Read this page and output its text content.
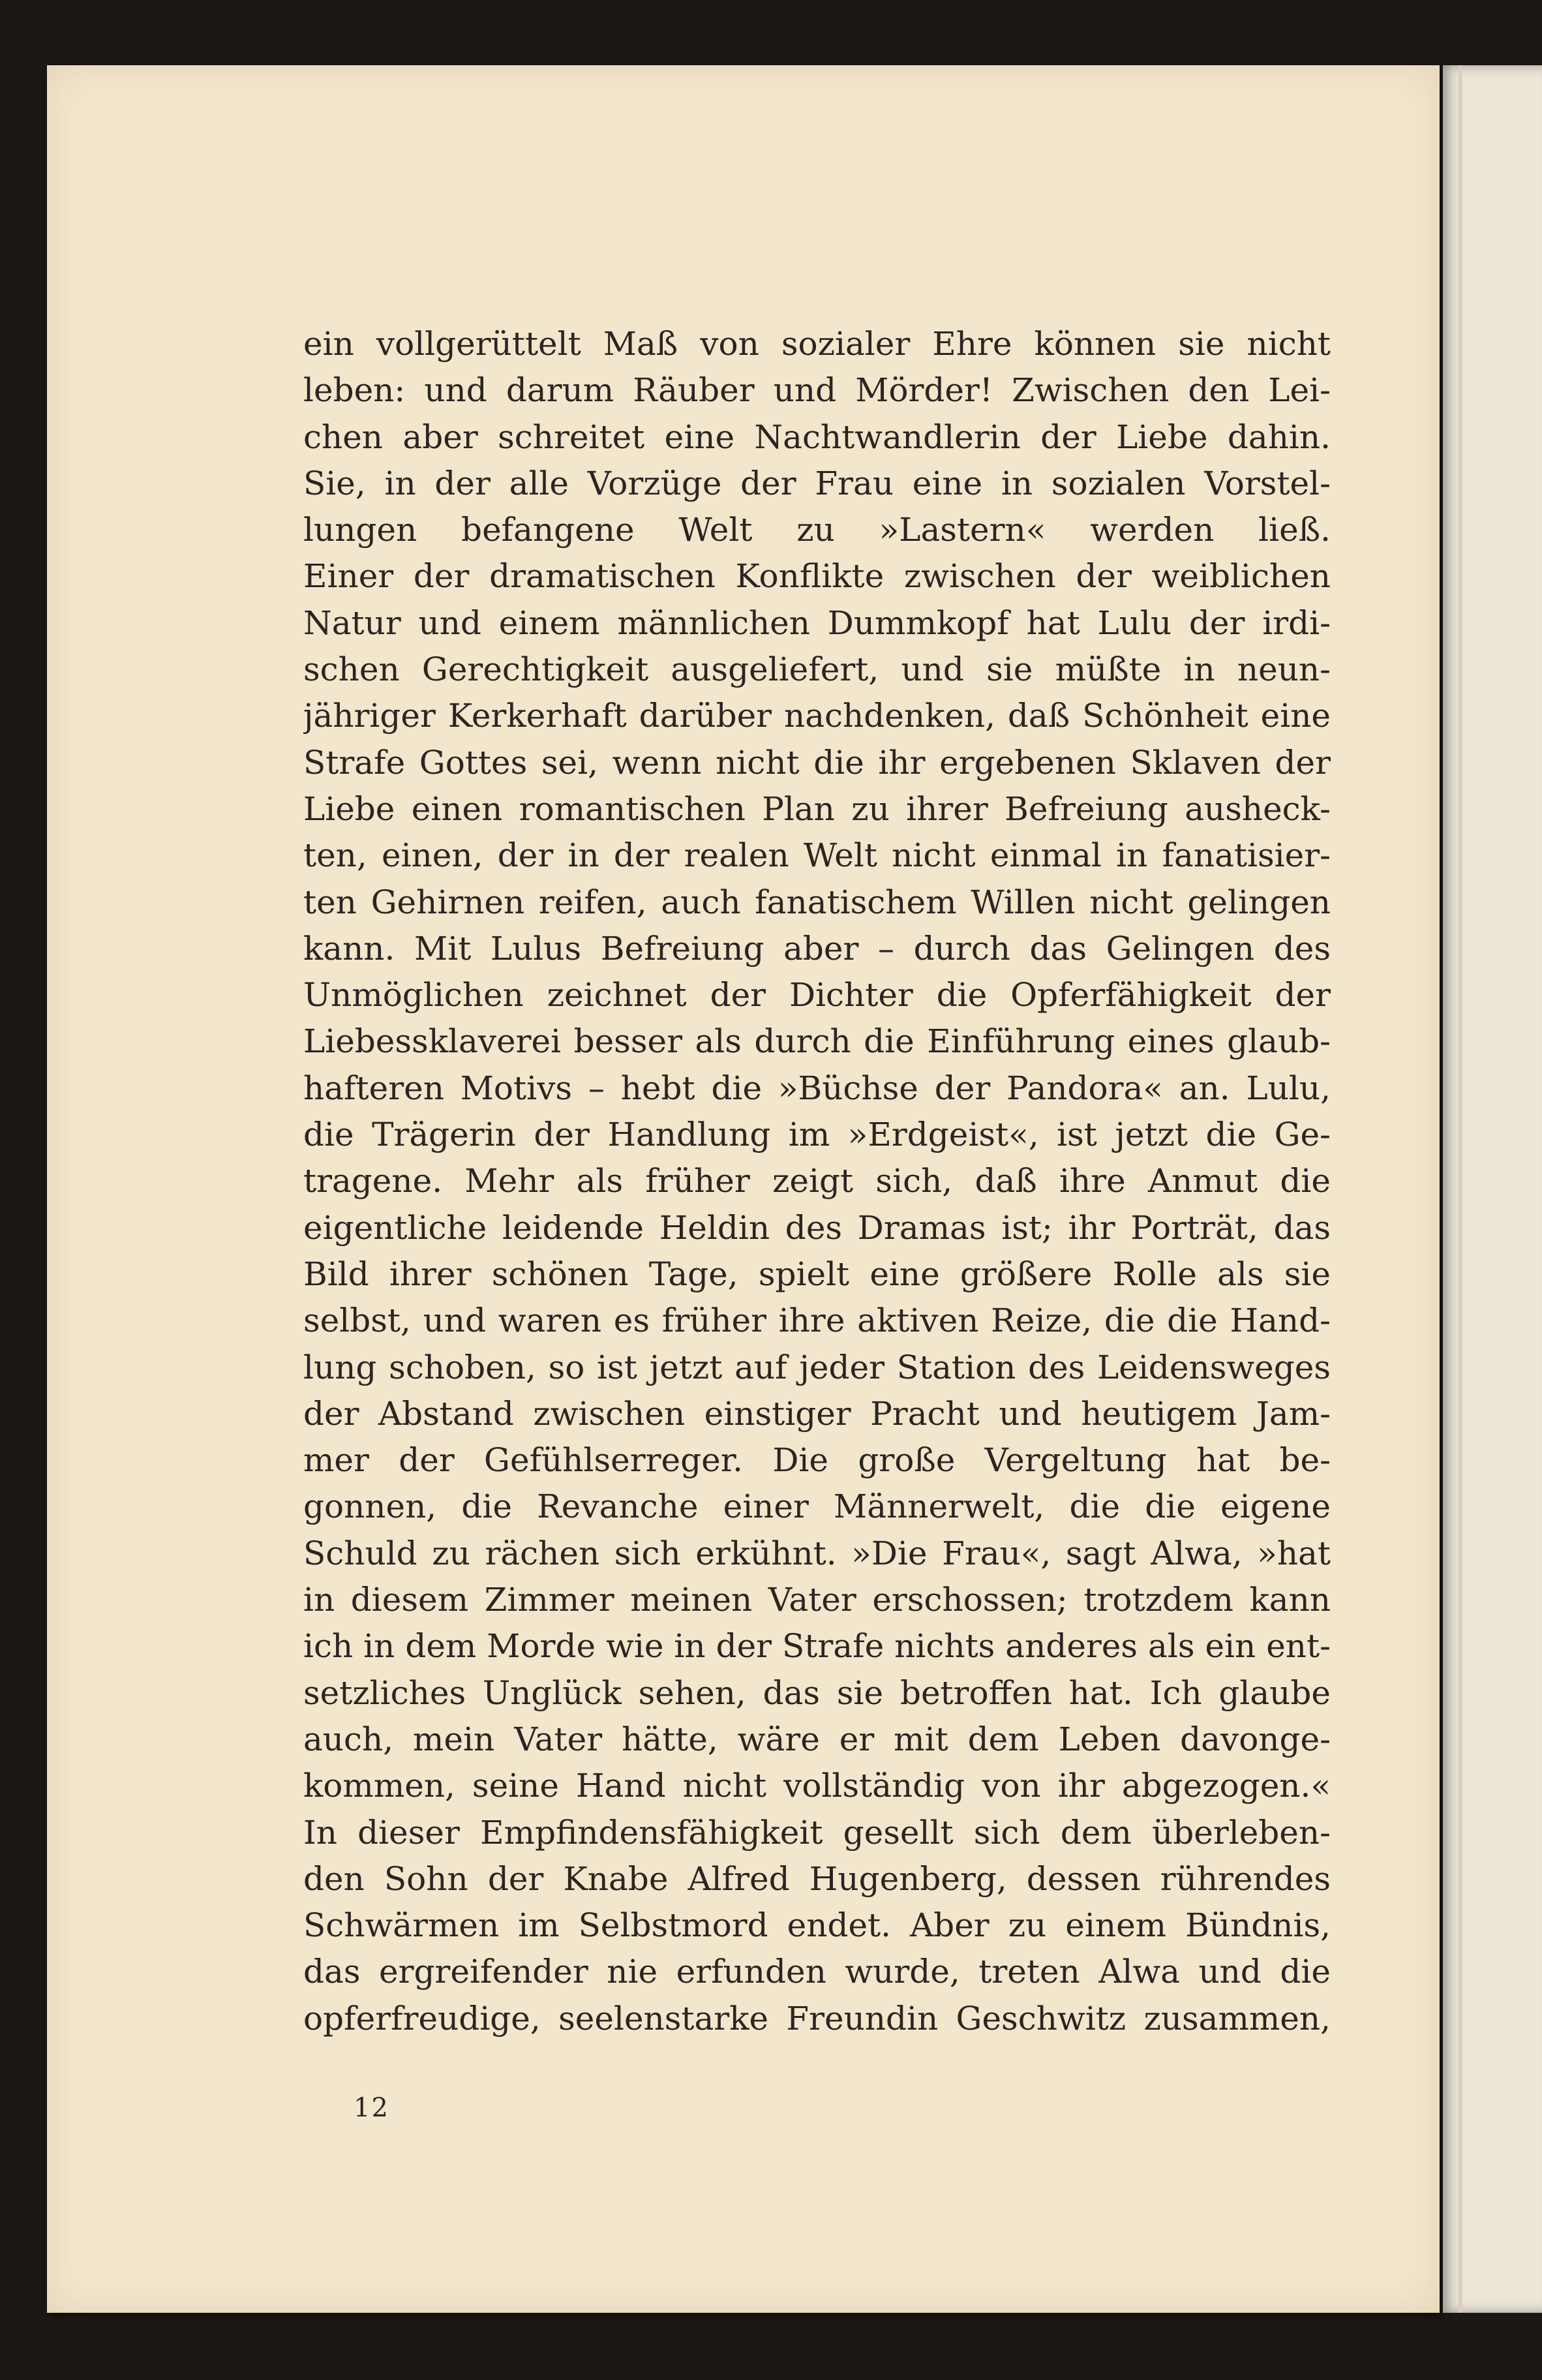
ein vollgerüttelt Maß von sozialer Ehre können sie nicht
leben: und darum Räuber und Mörder! Zwischen den Lei-
chen aber schreitet eine Nachtwandlerin der Liebe dahin.
Sie, in der alle Vorzüge der Frau eine in sozialen Vorstel-
lungen befangene Welt zu »Lastern« werden ließ.
Einer der dramatischen Konflikte zwischen der weiblichen
Natur und einem männlichen Dummkopf hat Lulu der irdi-
schen Gerechtigkeit ausgeliefert, und sie müßte in neun-
jähriger Kerkerhaft darüber nachdenken, daß Schönheit eine
Strafe Gottes sei, wenn nicht die ihr ergebenen Sklaven der
Liebe einen romantischen Plan zu ihrer Befreiung ausheck-
ten, einen, der in der realen Welt nicht einmal in fanatisier-
ten Gehirnen reifen, auch fanatischem Willen nicht gelingen
kann. Mit Lulus Befreiung aber – durch das Gelingen des
Unmöglichen zeichnet der Dichter die Opferfähigkeit der
Liebessklaverei besser als durch die Einführung eines glaub-
hafteren Motivs – hebt die »Büchse der Pandora« an. Lulu,
die Trägerin der Handlung im »Erdgeist«, ist jetzt die Ge-
tragene. Mehr als früher zeigt sich, daß ihre Anmut die
eigentliche leidende Heldin des Dramas ist; ihr Porträt, das
Bild ihrer schönen Tage, spielt eine größere Rolle als sie
selbst, und waren es früher ihre aktiven Reize, die die Hand-
lung schoben, so ist jetzt auf jeder Station des Leidensweges
der Abstand zwischen einstiger Pracht und heutigem Jam-
mer der Gefühlserreger. Die große Vergeltung hat be-
gonnen, die Revanche einer Männerwelt, die die eigene
Schuld zu rächen sich erkühnt. »Die Frau«, sagt Alwa, »hat
in diesem Zimmer meinen Vater erschossen; trotzdem kann
ich in dem Morde wie in der Strafe nichts anderes als ein ent-
setzliches Unglück sehen, das sie betroffen hat. Ich glaube
auch, mein Vater hätte, wäre er mit dem Leben davonge-
kommen, seine Hand nicht vollständig von ihr abgezogen.«
In dieser Empfindensfähigkeit gesellt sich dem überleben-
den Sohn der Knabe Alfred Hugenberg, dessen rührendes
Schwärmen im Selbstmord endet. Aber zu einem Bündnis,
das ergreifender nie erfunden wurde, treten Alwa und die
opferfreudige, seelenstarke Freundin Geschwitz zusammen,
12
